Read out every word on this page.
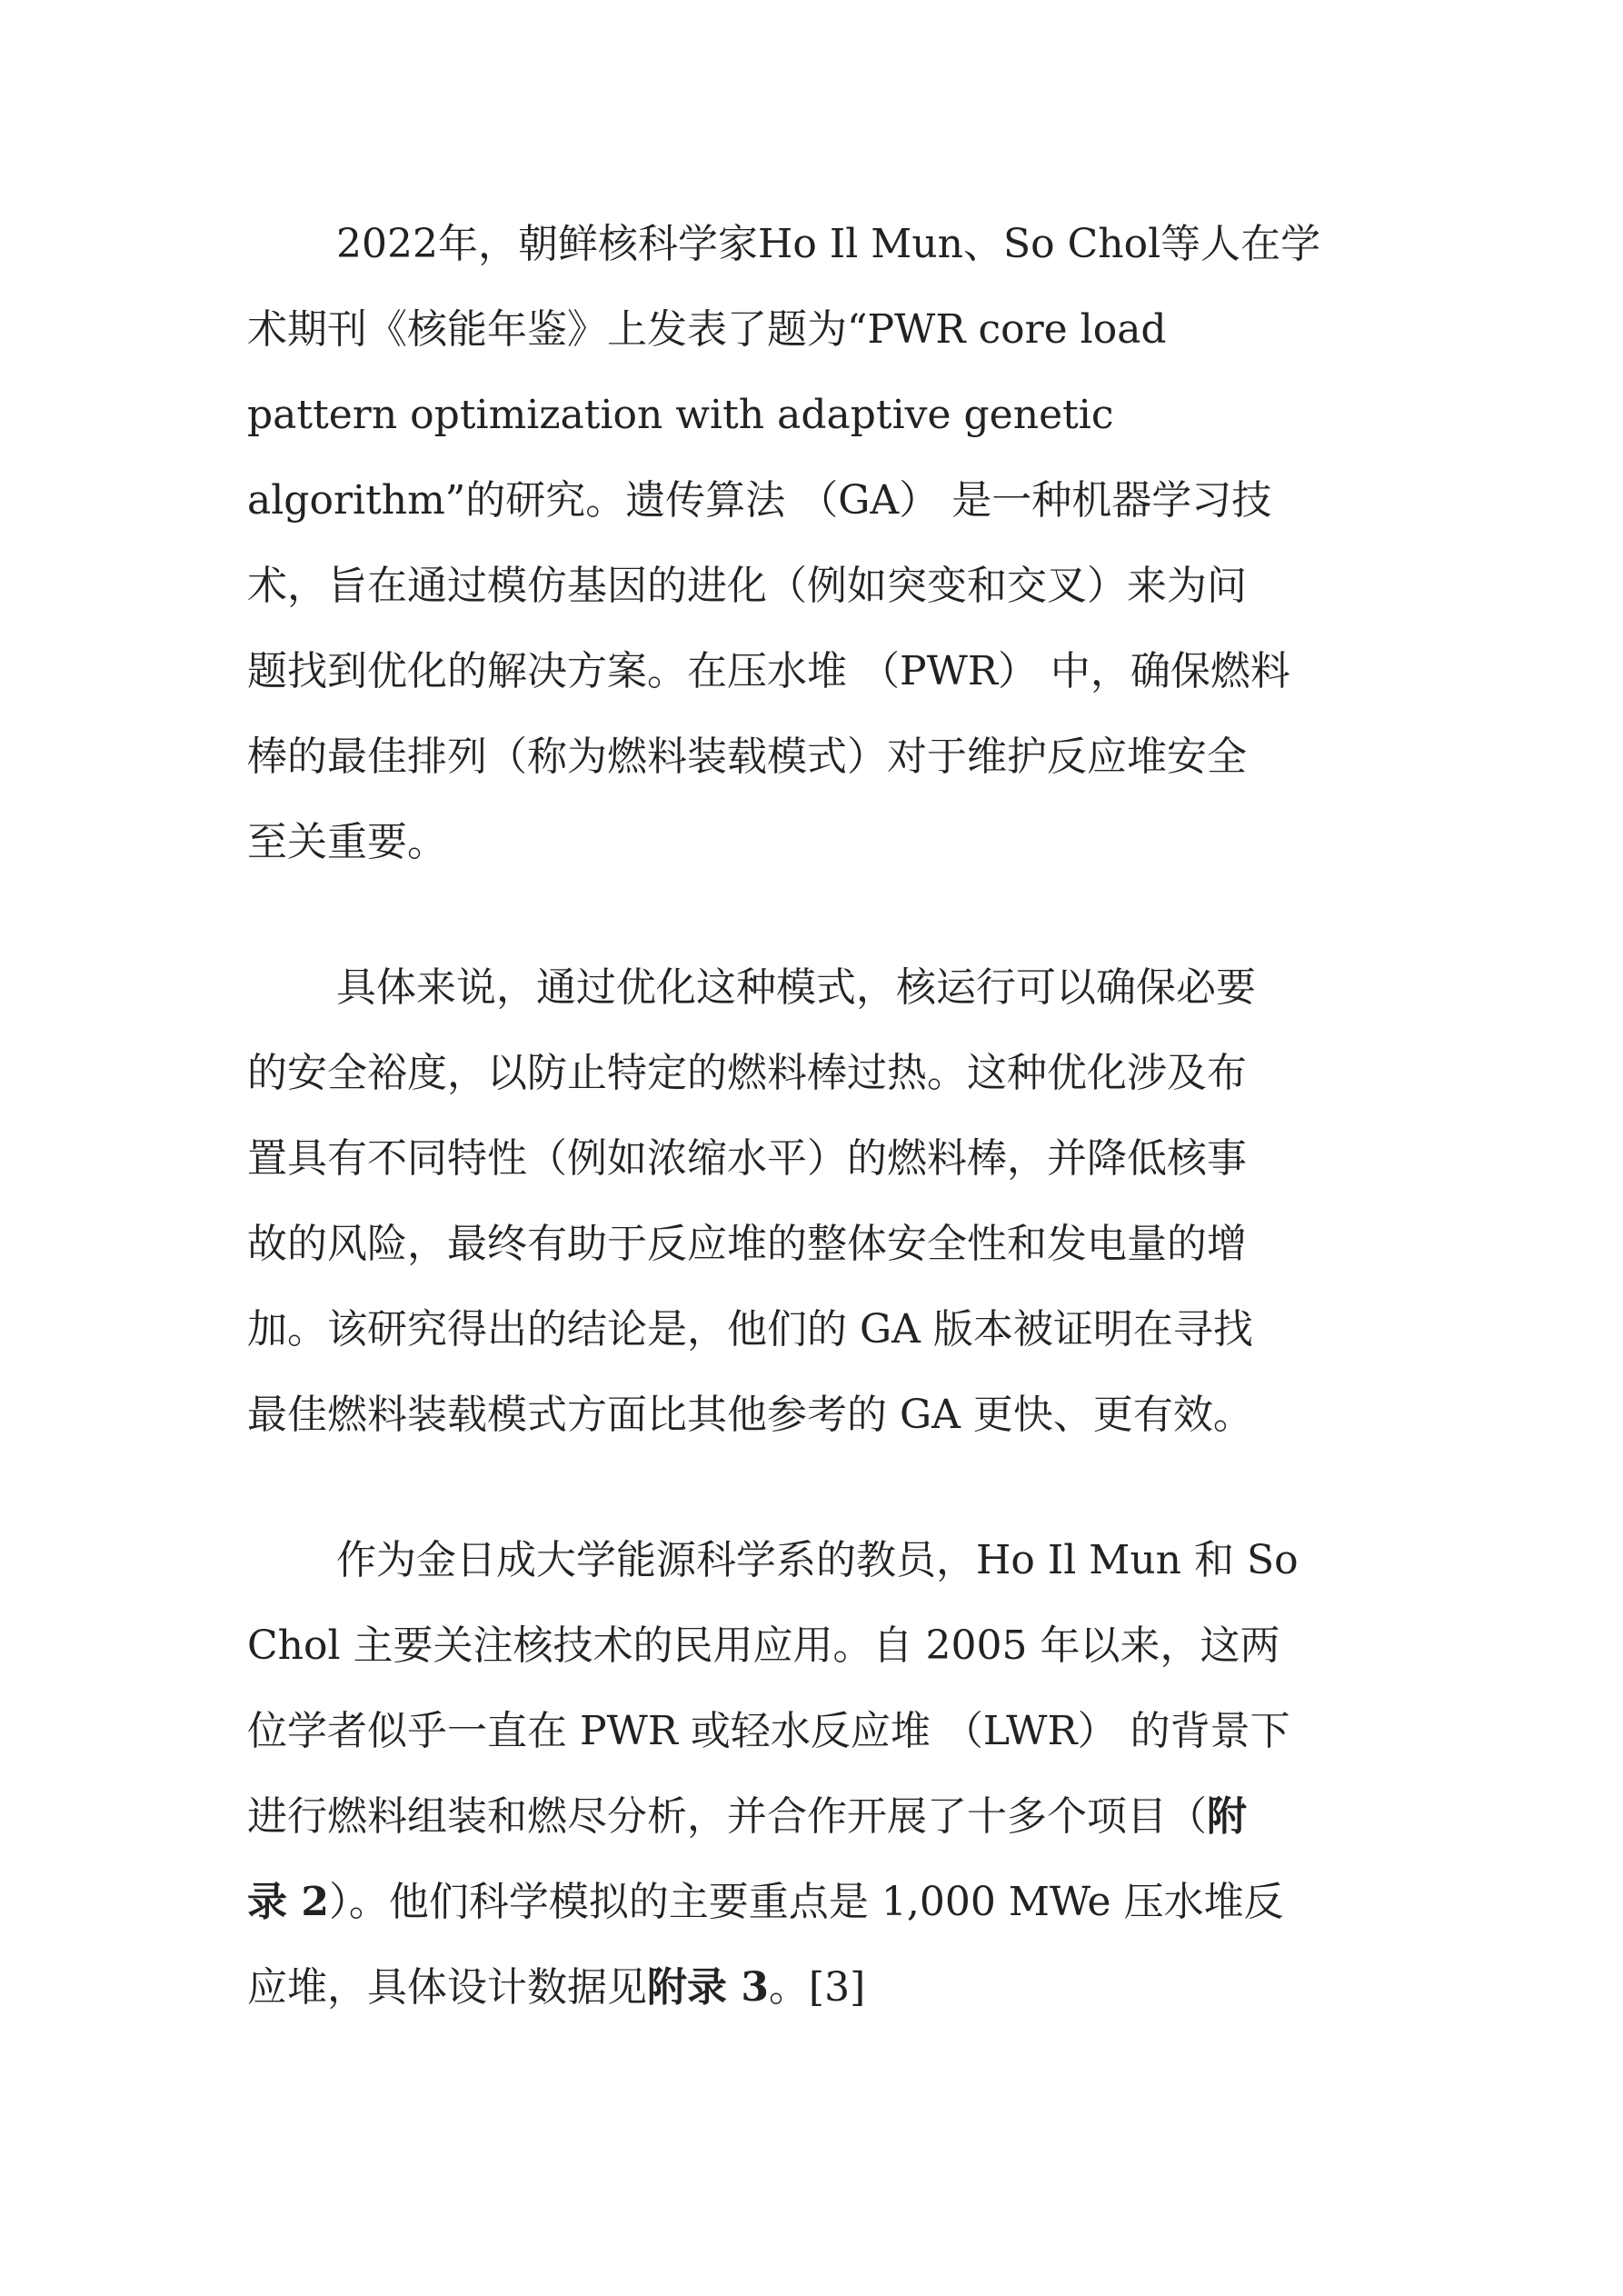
2022年，朝鲜核科学家Ho Il Mun、So Chol等人在学
术期刊《核能年鉴》上发表了题为“PWR core load
pattern optimization with adaptive genetic
algorithm”的研究。遗传算法 （GA） 是一种机器学习技
术，旨在通过模仿基因的进化（例如突变和交叉）来为问
题找到优化的解决方案。在压水堆 （PWR） 中，确保燃料
棒的最佳排列（称为燃料装载模式）对于维护反应堆安全
至关重要。
具体来说，通过优化这种模式，核运行可以确保必要
的安全裕度，以防止特定的燃料棒过热。这种优化涉及布
置具有不同特性（例如浓缩水平）的燃料棒，并降低核事
故的风险，最终有助于反应堆的整体安全性和发电量的增
加。该研究得出的结论是，他们的 GA 版本被证明在寻找
最佳燃料装载模式方面比其他参考的 GA 更快、更有效。
作为金日成大学能源科学系的教员，Ho Il Mun 和 So
Chol 主要关注核技术的民用应用。自 2005 年以来，这两
位学者似乎一直在 PWR 或轻水反应堆 （LWR） 的背景下
进行燃料组装和燃尽分析，并合作开展了十多个项目（附
录 2）。他们科学模拟的主要重点是 1,000 MWe 压水堆反
应堆，具体设计数据见附录 3。[3]
